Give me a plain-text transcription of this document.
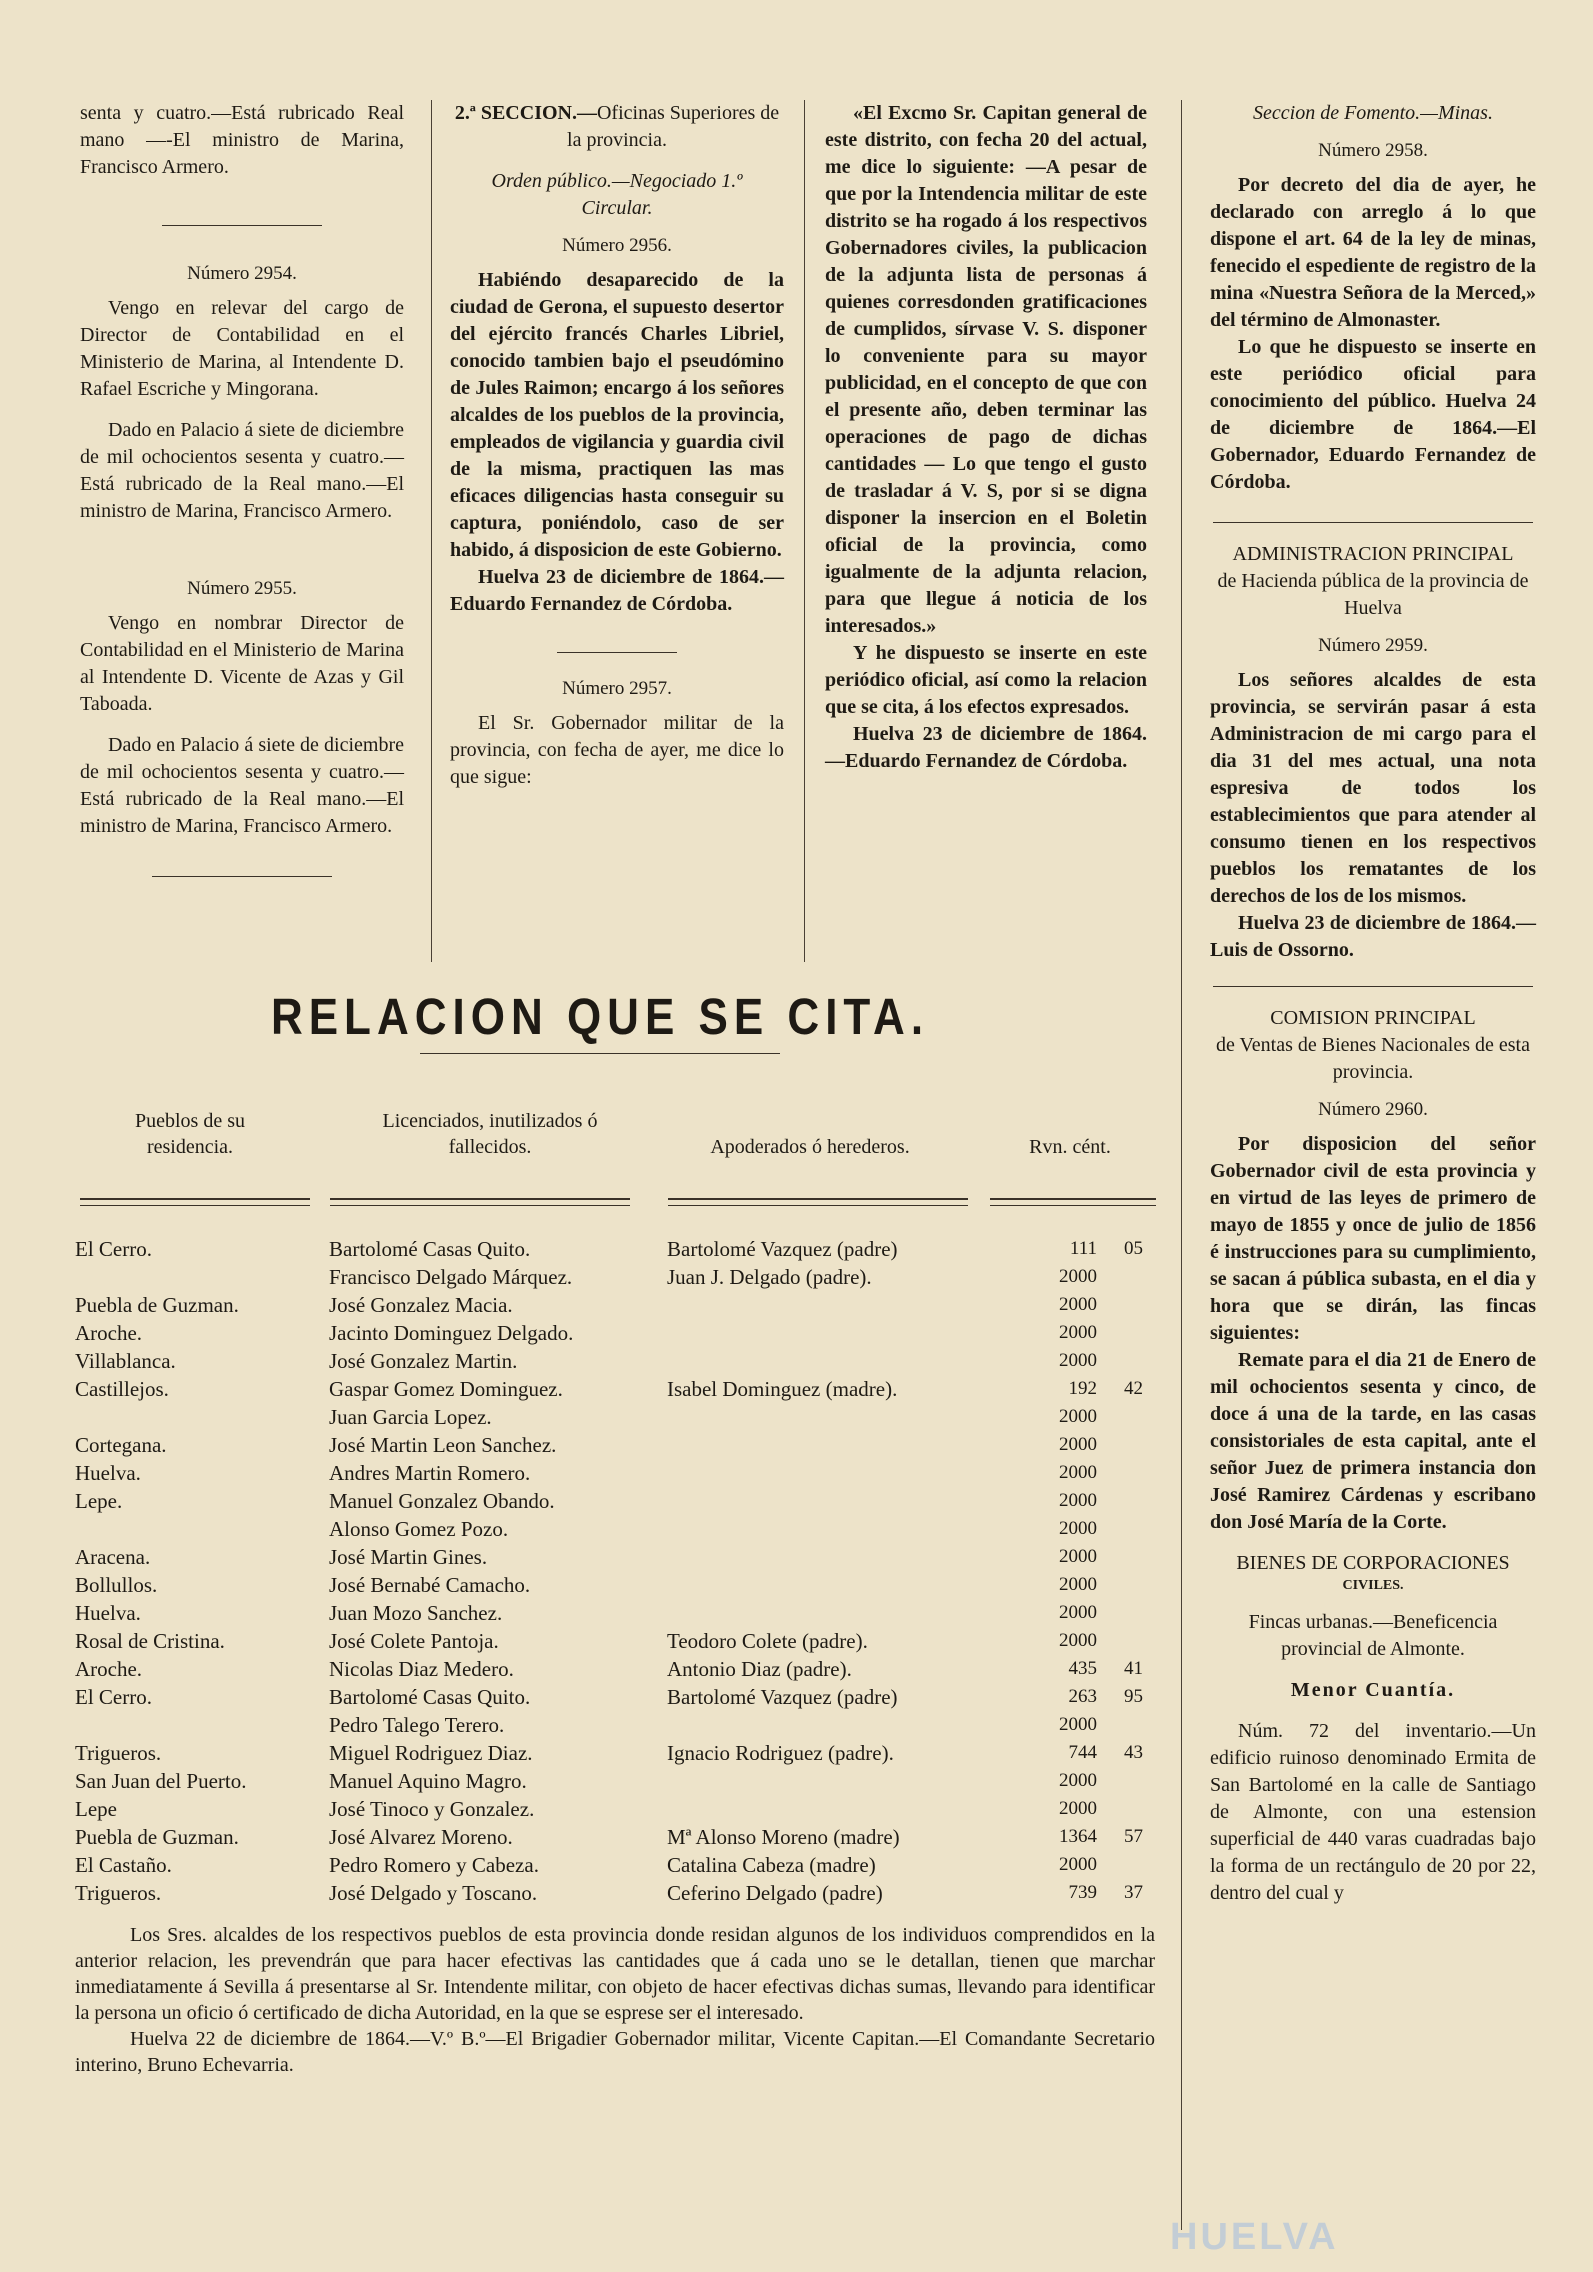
senta y cuatro.—Está rubricado Real mano —-El ministro de Marina, Francisco Armero.

Número 2954.

Vengo en relevar del cargo de Director de Contabilidad en el Ministerio de Marina, al Intendente D. Rafael Escriche y Mingorana.

Dado en Palacio á siete de diciembre de mil ochocientos sesenta y cuatro.—Está rubricado de la Real mano.—El ministro de Marina, Francisco Armero.

Número 2955.

Vengo en nombrar Director de Contabilidad en el Ministerio de Marina al Intendente D. Vicente de Azas y Gil Taboada.

Dado en Palacio á siete de diciembre de mil ochocientos sesenta y cuatro.—Está rubricado de la Real mano.—El ministro de Marina, Francisco Armero.

2.ª SECCION.—Oficinas Superiores de la provincia.

Orden público.—Negociado 1.º
Circular.

Número 2956.

Habiéndo desaparecido de la ciudad de Gerona, el supuesto desertor del ejército francés Charles Libriel, conocido tambien bajo el pseudómino de Jules Raimon; encargo á los señores alcaldes de los pueblos de la provincia, empleados de vigilancia y guardia civil de la misma, practiquen las mas eficaces diligencias hasta conseguir su captura, poniéndolo, caso de ser habido, á disposicion de este Gobierno.

Huelva 23 de diciembre de 1864.—Eduardo Fernandez de Córdoba.

Número 2957.

El Sr. Gobernador militar de la provincia, con fecha de ayer, me dice lo que sigue:

«El Excmo Sr. Capitan general de este distrito, con fecha 20 del actual, me dice lo siguiente: —A pesar de que por la Intendencia militar de este distrito se ha rogado á los respectivos Gobernadores civiles, la publicacion de la adjunta lista de personas á quienes corresdonden gratificaciones de cumplidos, sírvase V. S. disponer lo conveniente para su mayor publicidad, en el concepto de que con el presente año, deben terminar las operaciones de pago de dichas cantidades — Lo que tengo el gusto de trasladar á V. S, por si se digna disponer la insercion en el Boletin oficial de la provincia, como igualmente de la adjunta relacion, para que llegue á noticia de los interesados.»

Y he dispuesto se inserte en este periódico oficial, así como la relacion que se cita, á los efectos expresados.

Huelva 23 de diciembre de 1864.—Eduardo Fernandez de Córdoba.

Seccion de Fomento.—Minas.

Número 2958.

Por decreto del dia de ayer, he declarado con arreglo á lo que dispone el art. 64 de la ley de minas, fenecido el espediente de registro de la mina «Nuestra Señora de la Merced,» del término de Almonaster.

Lo que he dispuesto se inserte en este periódico oficial para conocimiento del público. Huelva 24 de diciembre de 1864.—El Gobernador, Eduardo Fernandez de Córdoba.

ADMINISTRACION PRINCIPAL

de Hacienda pública de la provincia de Huelva

Número 2959.

Los señores alcaldes de esta provincia, se servirán pasar á esta Administracion de mi cargo para el dia 31 del mes actual, una nota espresiva de todos los establecimientos que para atender al consumo tienen en los respectivos pueblos los rematantes de los derechos de los de los mismos.

Huelva 23 de diciembre de 1864.—Luis de Ossorno.

COMISION PRINCIPAL

de Ventas de Bienes Nacionales de esta provincia.

Número 2960.

Por disposicion del señor Gobernador civil de esta provincia y en virtud de las leyes de primero de mayo de 1855 y once de julio de 1856 é instrucciones para su cumplimiento, se sacan á pública subasta, en el dia y hora que se dirán, las fincas siguientes:

Remate para el dia 21 de Enero de mil ochocientos sesenta y cinco, de doce á una de la tarde, en las casas consistoriales de esta capital, ante el señor Juez de primera instancia don José Ramirez Cárdenas y escribano don José María de la Corte.

BIENES DE CORPORACIONES

CIVILES.

Fincas urbanas.—Beneficencia provincial de Almonte.

Menor Cuantía.

Núm. 72 del inventario.—Un edificio ruinoso denominado Ermita de San Bartolomé en la calle de Santiago de Almonte, con una estension superficial de 440 varas cuadradas bajo la forma de un rectángulo de 20 por 22, dentro del cual y

RELACION QUE SE CITA.
Pueblos de su residencia.
Licenciados, inutilizados ó fallecidos.	Apoderados ó herederos.	Rvn. cént.
El Cerro.	Bartolomé Casas Quito.	Bartolomé Vazquez (padre)	111	05
	Francisco Delgado Márquez.	Juan J. Delgado (padre).	2000	
Puebla de Guzman.	José Gonzalez Macia.		2000	
Aroche.	Jacinto Dominguez Delgado.		2000	
Villablanca.	José Gonzalez Martin.		2000	
Castillejos.	Gaspar Gomez Dominguez.	Isabel Dominguez (madre).	192	42
	Juan Garcia Lopez.		2000	
Cortegana.	José Martin Leon Sanchez.		2000	
Huelva.	Andres Martin Romero.		2000	
Lepe.	Manuel Gonzalez Obando.		2000	
	Alonso Gomez Pozo.		2000	
Aracena.	José Martin Gines.		2000	
Bollullos.	José Bernabé Camacho.		2000	
Huelva.	Juan Mozo Sanchez.		2000	
Rosal de Cristina.	José Colete Pantoja.	Teodoro Colete (padre).	2000	
Aroche.	Nicolas Diaz Medero.	Antonio Diaz (padre).	435	41
El Cerro.	Bartolomé Casas Quito.	Bartolomé Vazquez (padre)	263	95
	Pedro Talego Terero.		2000	
Trigueros.	Miguel Rodriguez Diaz.	Ignacio Rodriguez (padre).	744	43
San Juan del Puerto.	Manuel Aquino Magro.		2000	
Lepe	José Tinoco y Gonzalez.		2000	
Puebla de Guzman.	José Alvarez Moreno.	Mª Alonso Moreno (madre)	1364	57
El Castaño.	Pedro Romero y Cabeza.	Catalina Cabeza (madre)	2000	
Trigueros.	José Delgado y Toscano.	Ceferino Delgado (padre)	739	37

Los Sres. alcaldes de los respectivos pueblos de esta provincia donde residan algunos de los individuos comprendidos en la anterior relacion, les prevendrán que para hacer efectivas las cantidades que á cada uno se le detallan, tienen que marchar inmediatamente á Sevilla á presentarse al Sr. Intendente militar, con objeto de hacer efectivas dichas sumas, llevando para identificar la persona un oficio ó certificado de dicha Autoridad, en la que se esprese ser el interesado.

Huelva 22 de diciembre de 1864.—V.º B.º—El Brigadier Gobernador militar, Vicente Capitan.—El Comandante Secretario interino, Bruno Echevarria.

HUELVA
